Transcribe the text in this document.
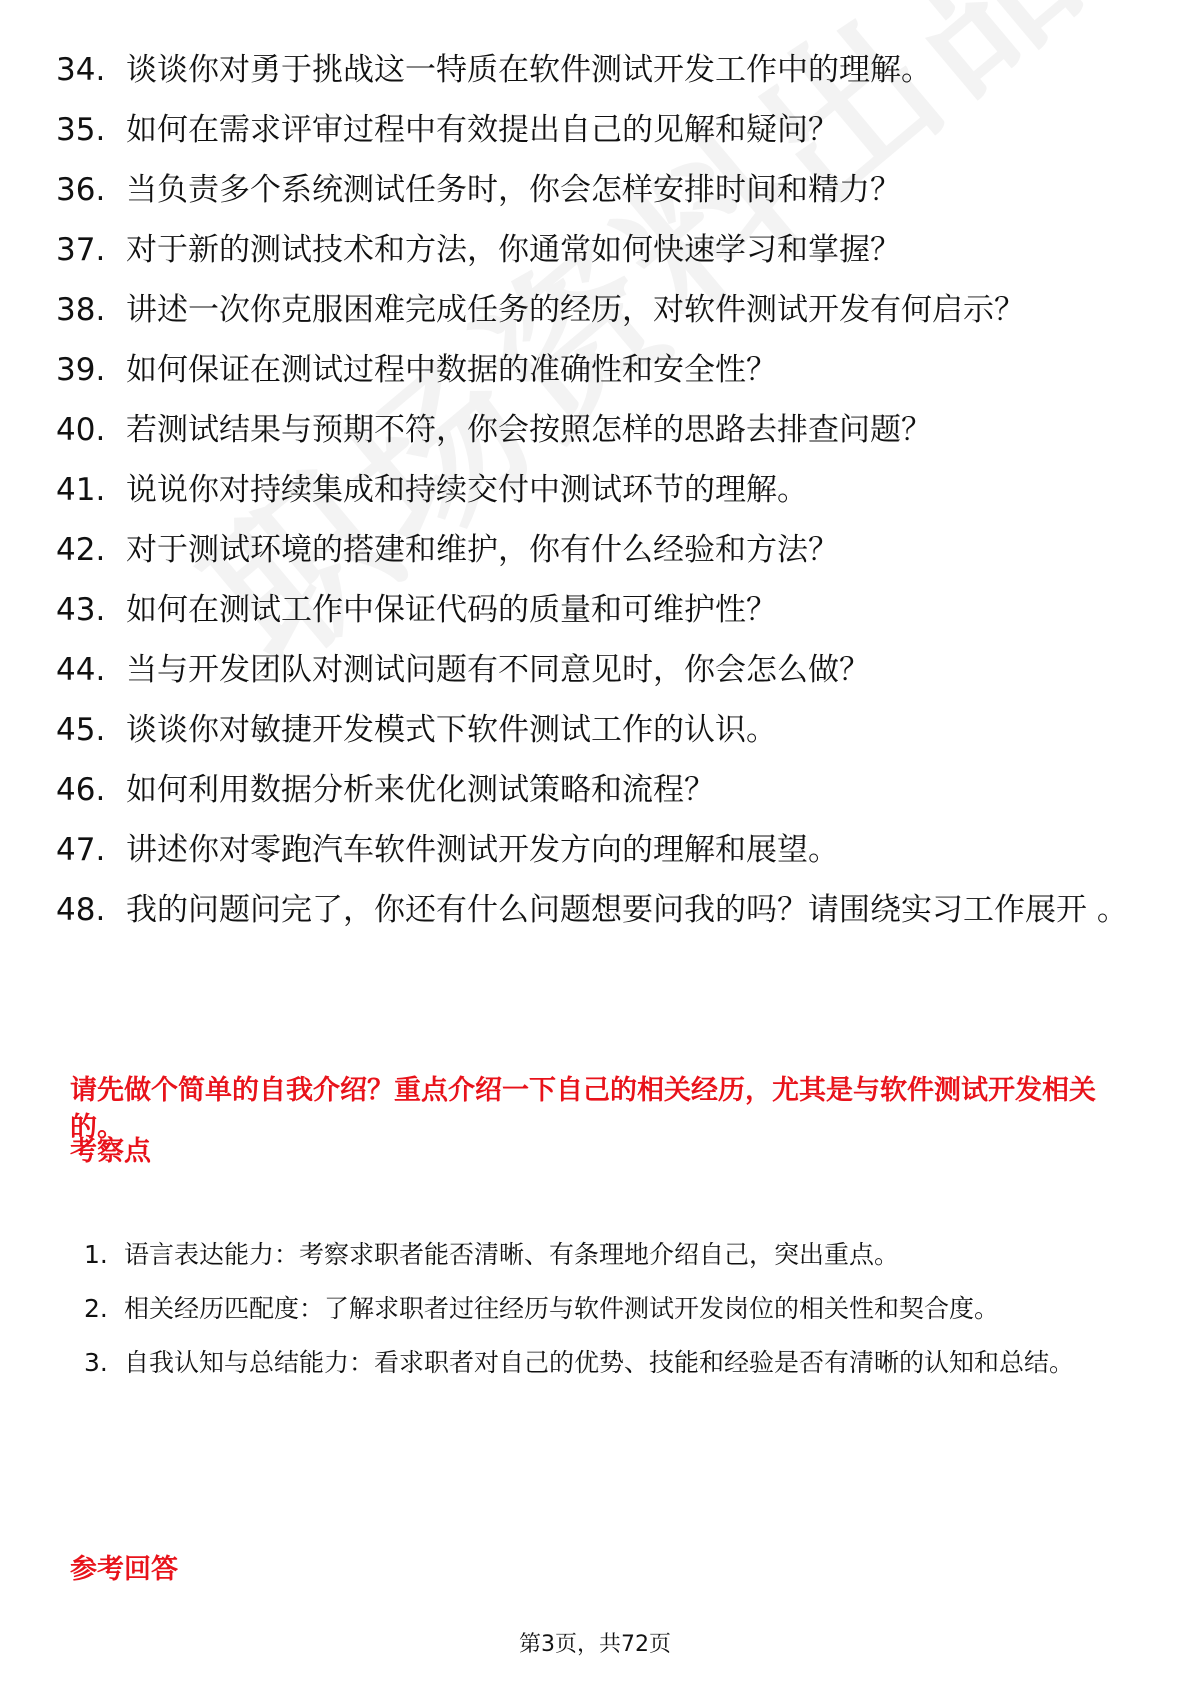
34. 谈谈你对勇于挑战这一特质在软件测试开发工作中的理解。
35. 如何在需求评审过程中有效提出自己的见解和疑问？
36. 当负责多个系统测试任务时，你会怎样安排时间和精力？
37. 对于新的测试技术和方法，你通常如何快速学习和掌握？
38. 讲述一次你克服困难完成任务的经历，对软件测试开发有何启示？
39. 如何保证在测试过程中数据的准确性和安全性？
40. 若测试结果与预期不符，你会按照怎样的思路去排查问题？
41. 说说你对持续集成和持续交付中测试环节的理解。
42. 对于测试环境的搭建和维护，你有什么经验和方法？
43. 如何在测试工作中保证代码的质量和可维护性？
44. 当与开发团队对测试问题有不同意见时，你会怎么做？
45. 谈谈你对敏捷开发模式下软件测试工作的认识。
46. 如何利用数据分析来优化测试策略和流程？
47. 讲述你对零跑汽车软件测试开发方向的理解和展望。
48. 我的问题问完了，你还有什么问题想要问我的吗？请围绕实习工作展开 。
请先做个简单的自我介绍？重点介绍一下自己的相关经历，尤其是与软件测试开发相关的。
考察点
1. 语言表达能力：考察求职者能否清晰、有条理地介绍自己，突出重点。
2. 相关经历匹配度：了解求职者过往经历与软件测试开发岗位的相关性和契合度。
3. 自我认知与总结能力：看求职者对自己的优势、技能和经验是否有清晰的认知和总结。
参考回答
第3页，共72页
